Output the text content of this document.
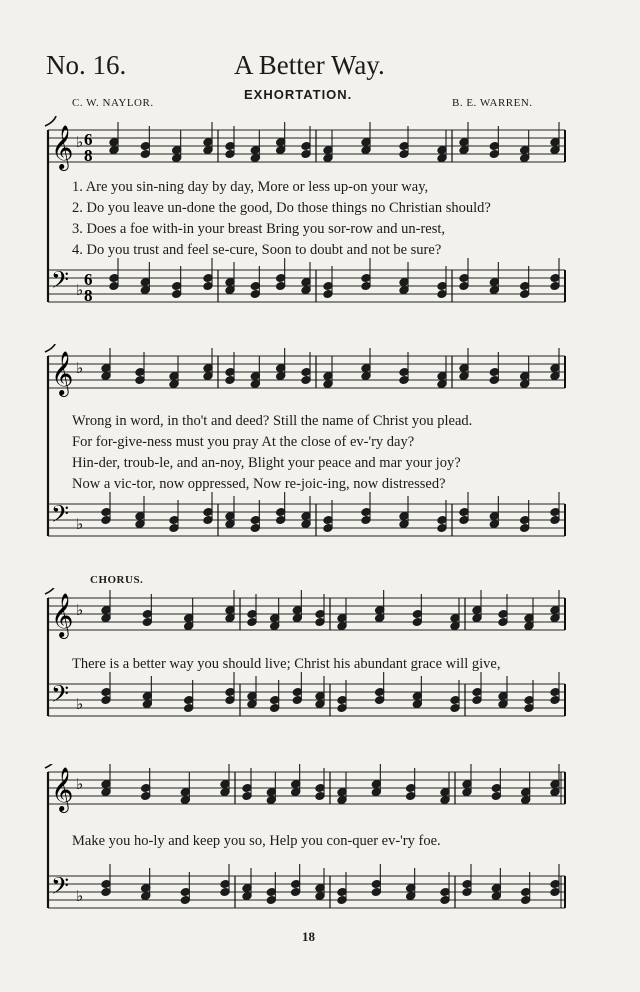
No. 16.	A Better Way.
EXHORTATION.
C. W. NAYLOR.	B. E. WARREN.
𝄞
𝄢
♭
♭
6
8
6
8
𝄞
𝄢
♭
♭
𝄞
𝄢
♭
♭
𝄞
𝄢
♭
♭
1. Are you sin-ning day by day, More or less up-on your way,
2. Do you leave un-done the good, Do those things no Christian should?
3. Does a foe with-in your breast Bring you sor-row and un-rest,
4. Do you trust and feel se-cure, Soon to doubt and not be sure?
Wrong in word, in tho't and deed? Still the name of Christ you plead.
For for-give-ness must you pray At the close of ev-'ry day?
Hin-der, troub-le, and an-noy, Blight your peace and mar your joy?
Now a vic-tor, now oppressed, Now re-joic-ing, now distressed?
CHORUS.
There is a better way you should live; Christ his abundant grace will give,
Make you ho-ly and keep you so, Help you con-quer ev-'ry foe.
18
